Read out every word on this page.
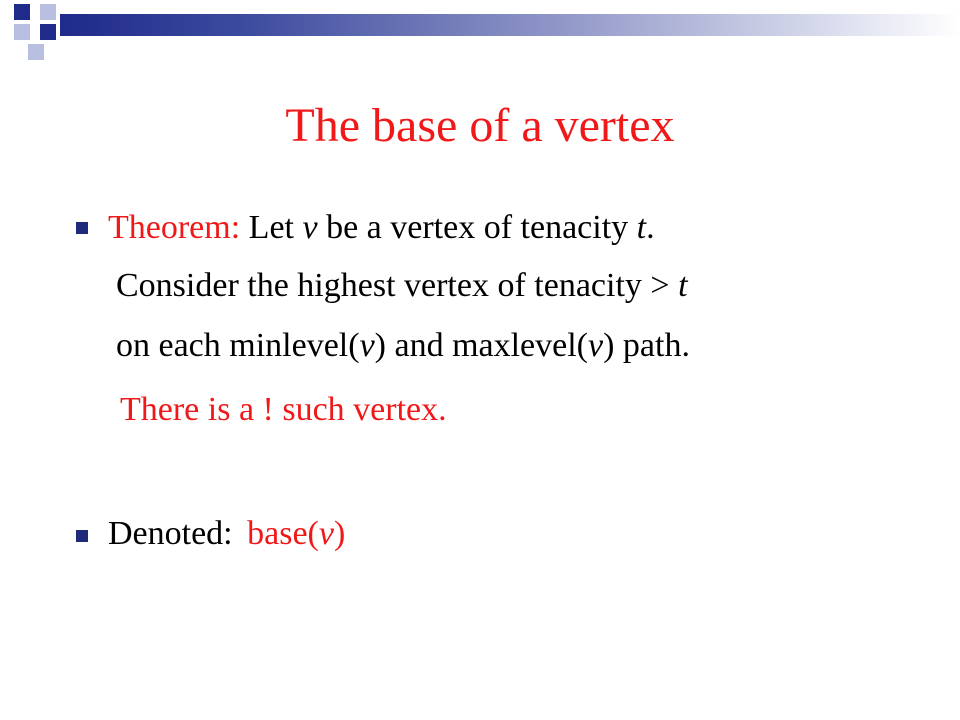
The base of a vertex
Theorem: Let v be a vertex of tenacity t.
Consider the highest vertex of tenacity > t
on each minlevel(v) and maxlevel(v) path.
There is a ! such vertex.
Denoted: base(v)
